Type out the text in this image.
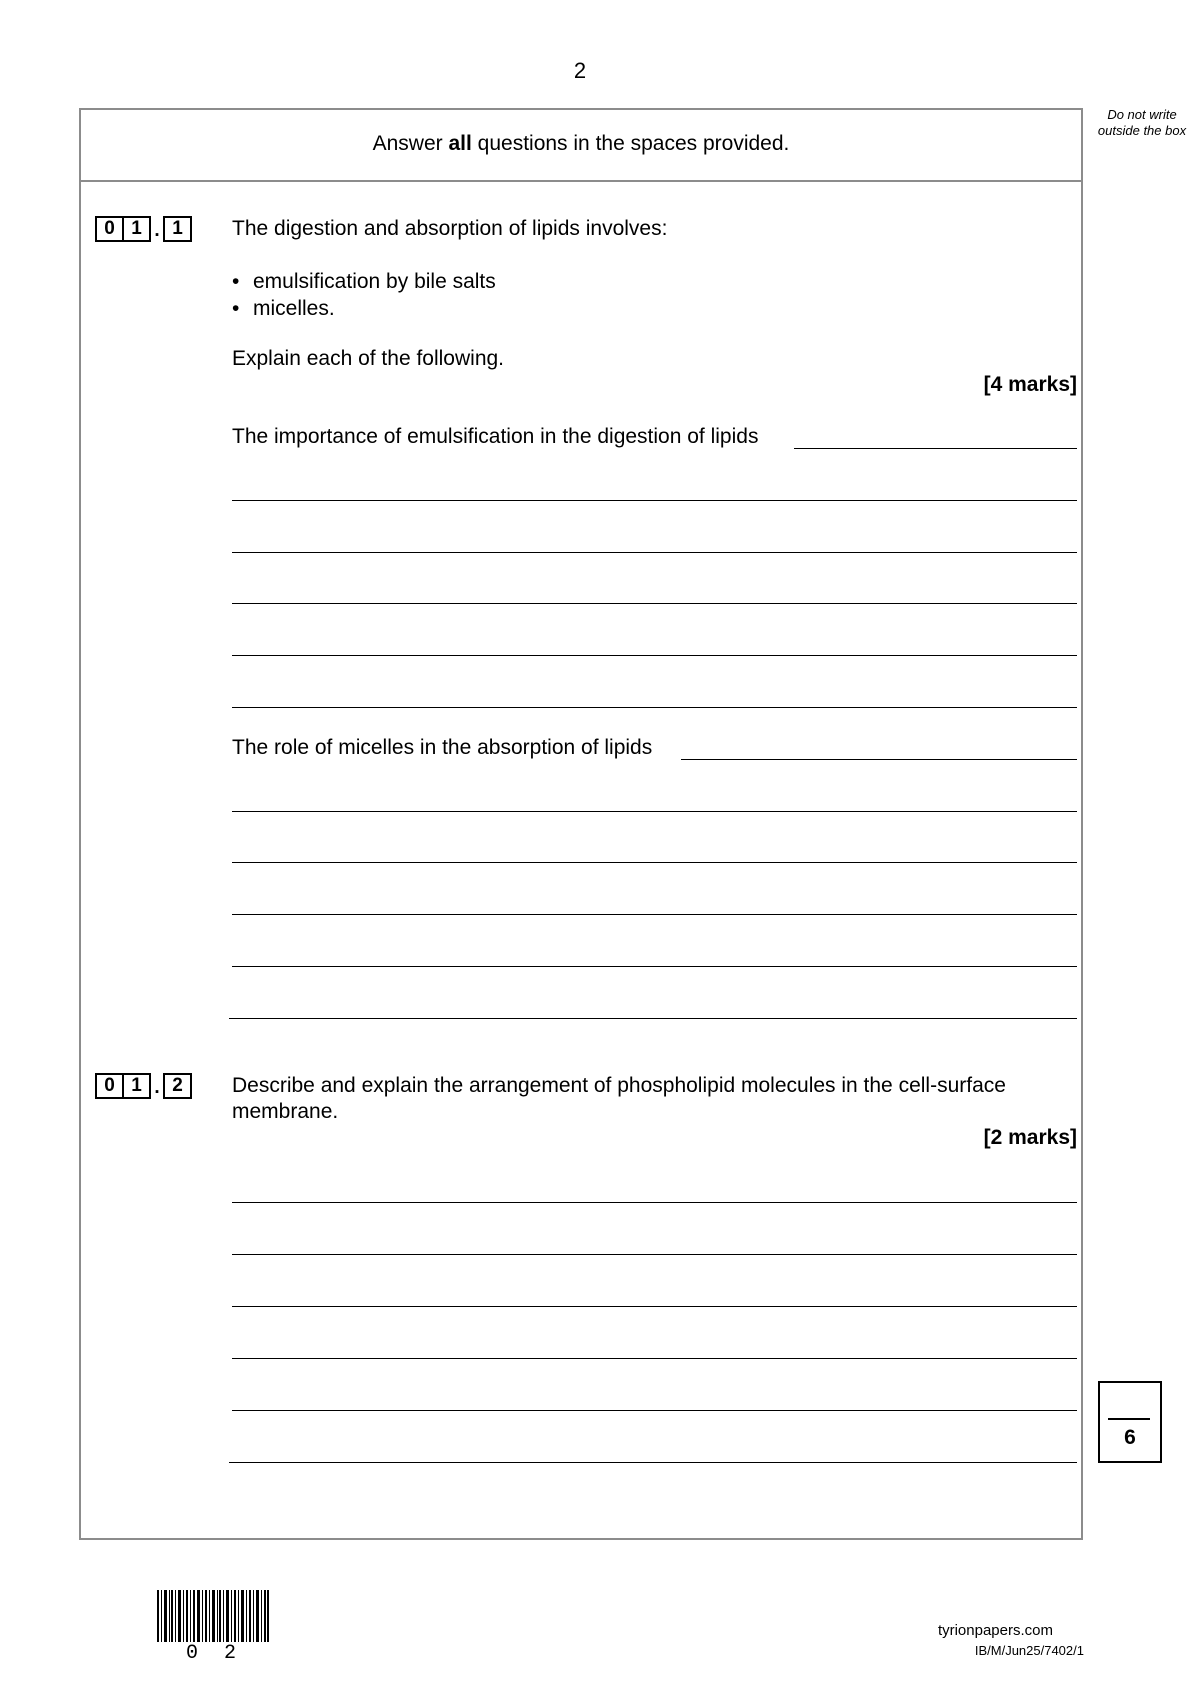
2
Do not write outside the box
Answer all questions in the spaces provided.
0 1 . 1	The digestion and absorption of lipids involves:
• emulsification by bile salts
• micelles.
Explain each of the following.
[4 marks]
The importance of emulsification in the digestion of lipids
The role of micelles in the absorption of lipids
0 1 . 2	Describe and explain the arrangement of phospholipid molecules in the cell-surface membrane.
[2 marks]
6
0 2
tyrionpapers.com
IB/M/Jun25/7402/1
